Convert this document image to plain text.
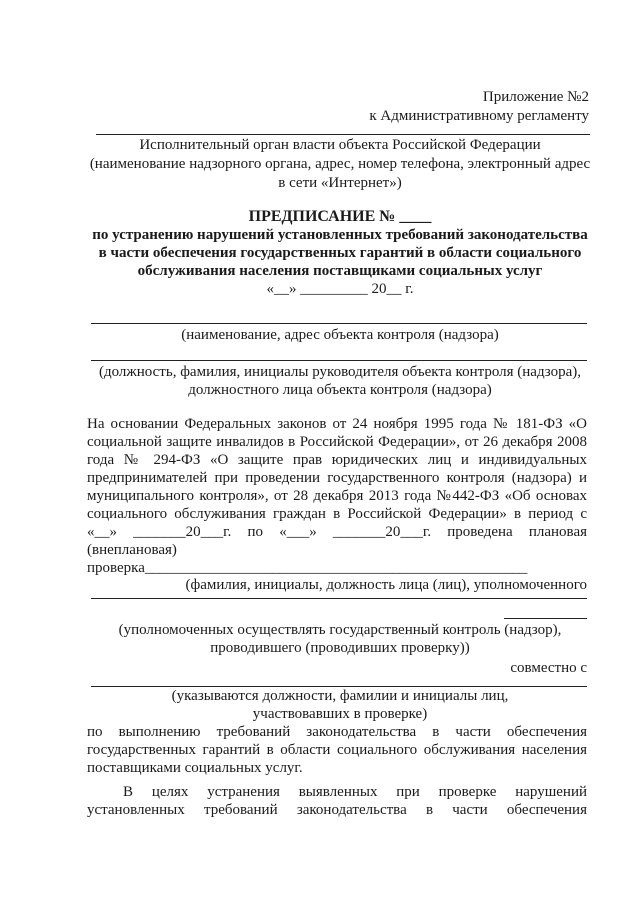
Приложение №2
к Административному регламенту
Исполнительный орган власти объекта Российской Федерации
(наименование надзорного органа, адрес, номер телефона, электронный адрес
в сети «Интернет»)
ПРЕДПИСАНИЕ № ____
по устранению нарушений установленных требований законодательства
в части обеспечения государственных гарантий в области социального
обслуживания населения поставщиками социальных услуг
«__» _________ 20__ г.
(наименование, адрес объекта контроля (надзора)
(должность, фамилия, инициалы руководителя объекта контроля (надзора),
должностного лица объекта контроля (надзора)
На основании Федеральных законов от 24 ноября 1995 года № 181-ФЗ «О
социальной защите инвалидов в Российской Федерации», от 26 декабря 2008
года № 294-ФЗ «О защите прав юридических лиц и индивидуальных
предпринимателей при проведении государственного контроля (надзора) и
муниципального контроля», от 28 декабря 2013 года №442-ФЗ «Об основах
социального обслуживания граждан в Российской Федерации» в период с
«__» _______20___г. по «___» _______20___г. проведена плановая
(внеплановая)
проверка___________________________________________________
(фамилия, инициалы, должность лица (лиц), уполномоченного
(уполномоченных осуществлять государственный контроль (надзор),
проводившего (проводивших проверку))
совместно с
(указываются должности, фамилии и инициалы лиц,
участвовавших в проверке)
по выполнению требований законодательства в части обеспечения
государственных гарантий в области социального обслуживания населения
поставщиками социальных услуг.
В целях устранения выявленных при проверке нарушений
установленных требований законодательства в части обеспечения
